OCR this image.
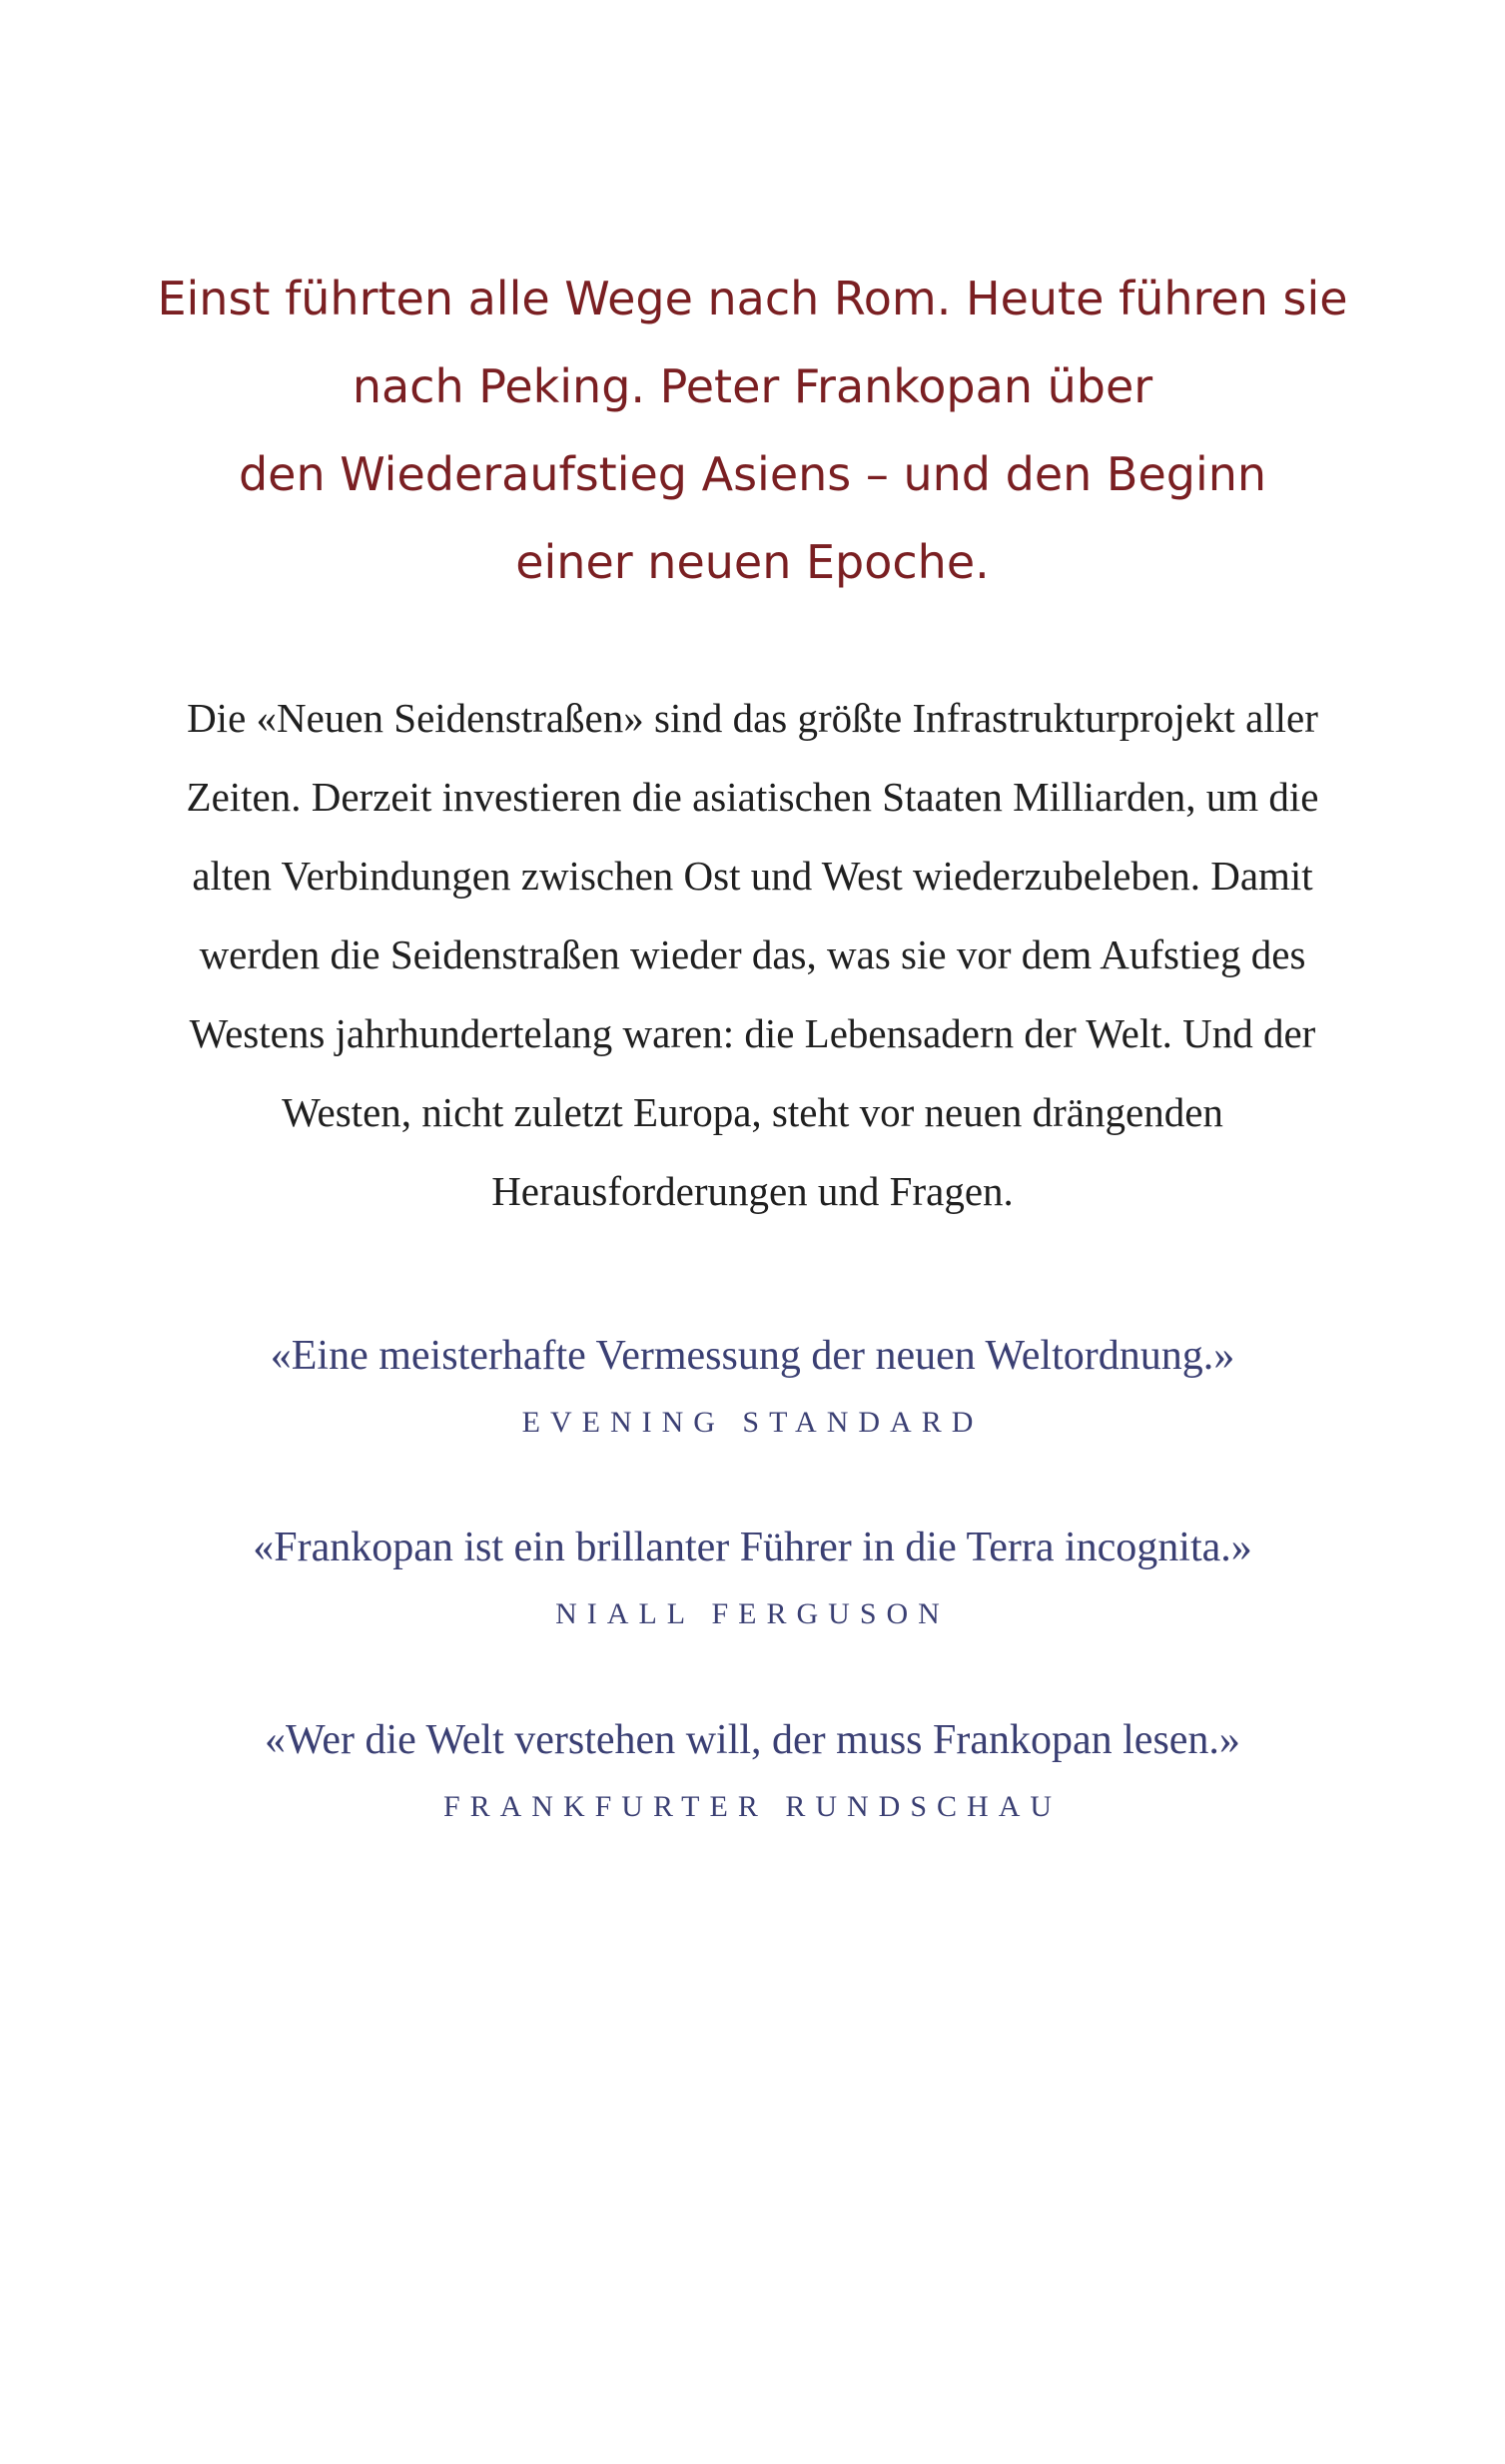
Einst führten alle Wege nach Rom. Heute führen sie
nach Peking. Peter Frankopan über
den Wiederaufstieg Asiens – und den Beginn
einer neuen Epoche.
Die «Neuen Seidenstraßen» sind das größte Infrastrukturprojekt aller
Zeiten. Derzeit investieren die asiatischen Staaten Milliarden, um die
alten Verbindungen zwischen Ost und West wiederzubeleben. Damit
werden die Seidenstraßen wieder das, was sie vor dem Aufstieg des
Westens jahrhundertelang waren: die Lebensadern der Welt. Und der
Westen, nicht zuletzt Europa, steht vor neuen drängenden
Herausforderungen und Fragen.
«Eine meisterhafte Vermessung der neuen Weltordnung.»
EVENING STANDARD
«Frankopan ist ein brillanter Führer in die Terra incognita.»
NIALL FERGUSON
«Wer die Welt verstehen will, der muss Frankopan lesen.»
FRANKFURTER RUNDSCHAU
